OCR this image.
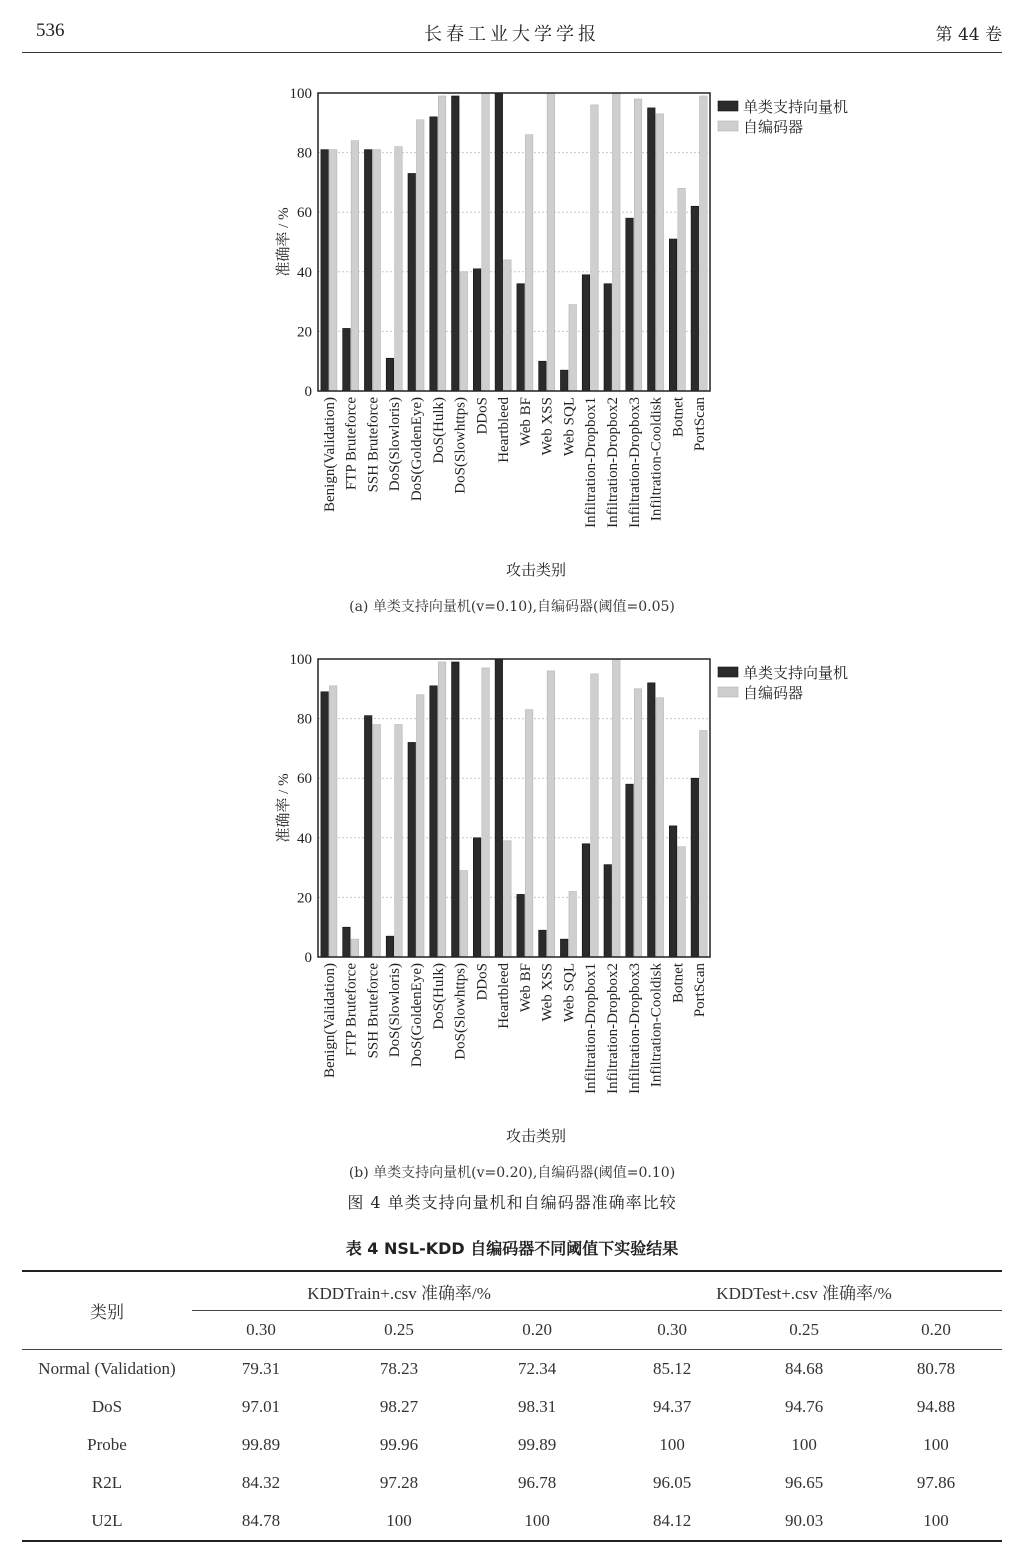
536	长春工业大学学报	第 44 卷
0
20
40
60
80
100
Benign(Validation) FTP Bruteforce SSH Bruteforce DoS(Slowloris) DoS(GoldenEye) DoS(Hulk) DoS(Slowhttps) DDoS Heartbleed Web BF Web XSS Web SQL Infiltration-Dropbox1 Infiltration-Dropbox2 Infiltration-Dropbox3 Infiltration-Cooldisk Botnet PortScan
准确率 / %
攻击类别
单类支持向量机
自编码器
(a) 单类支持向量机(v=0.10),自编码器(阈值=0.05)
0
20
40
60
80
100
Benign(Validation) FTP Bruteforce SSH Bruteforce DoS(Slowloris) DoS(GoldenEye) DoS(Hulk) DoS(Slowhttps) DDoS Heartbleed Web BF Web XSS Web SQL Infiltration-Dropbox1 Infiltration-Dropbox2 Infiltration-Dropbox3 Infiltration-Cooldisk Botnet PortScan
准确率 / %
攻击类别
单类支持向量机
自编码器
(b) 单类支持向量机(v=0.20),自编码器(阈值=0.10)
图 4 单类支持向量机和自编码器准确率比较
表 4 NSL-KDD 自编码器不同阈值下实验结果
类别	KDDTrain+.csv 准确率/%			KDDTest+.csv 准确率/%		
	0.30	0.25	0.20	0.30	0.25	0.20
Normal (Validation)	79.31	78.23	72.34	85.12	84.68	80.78
DoS	97.01	98.27	98.31	94.37	94.76	94.88
Probe	99.89	99.96	99.89	100	100	100
R2L	84.32	97.28	96.78	96.05	96.65	97.86
U2L	84.78	100	100	84.12	90.03	100
